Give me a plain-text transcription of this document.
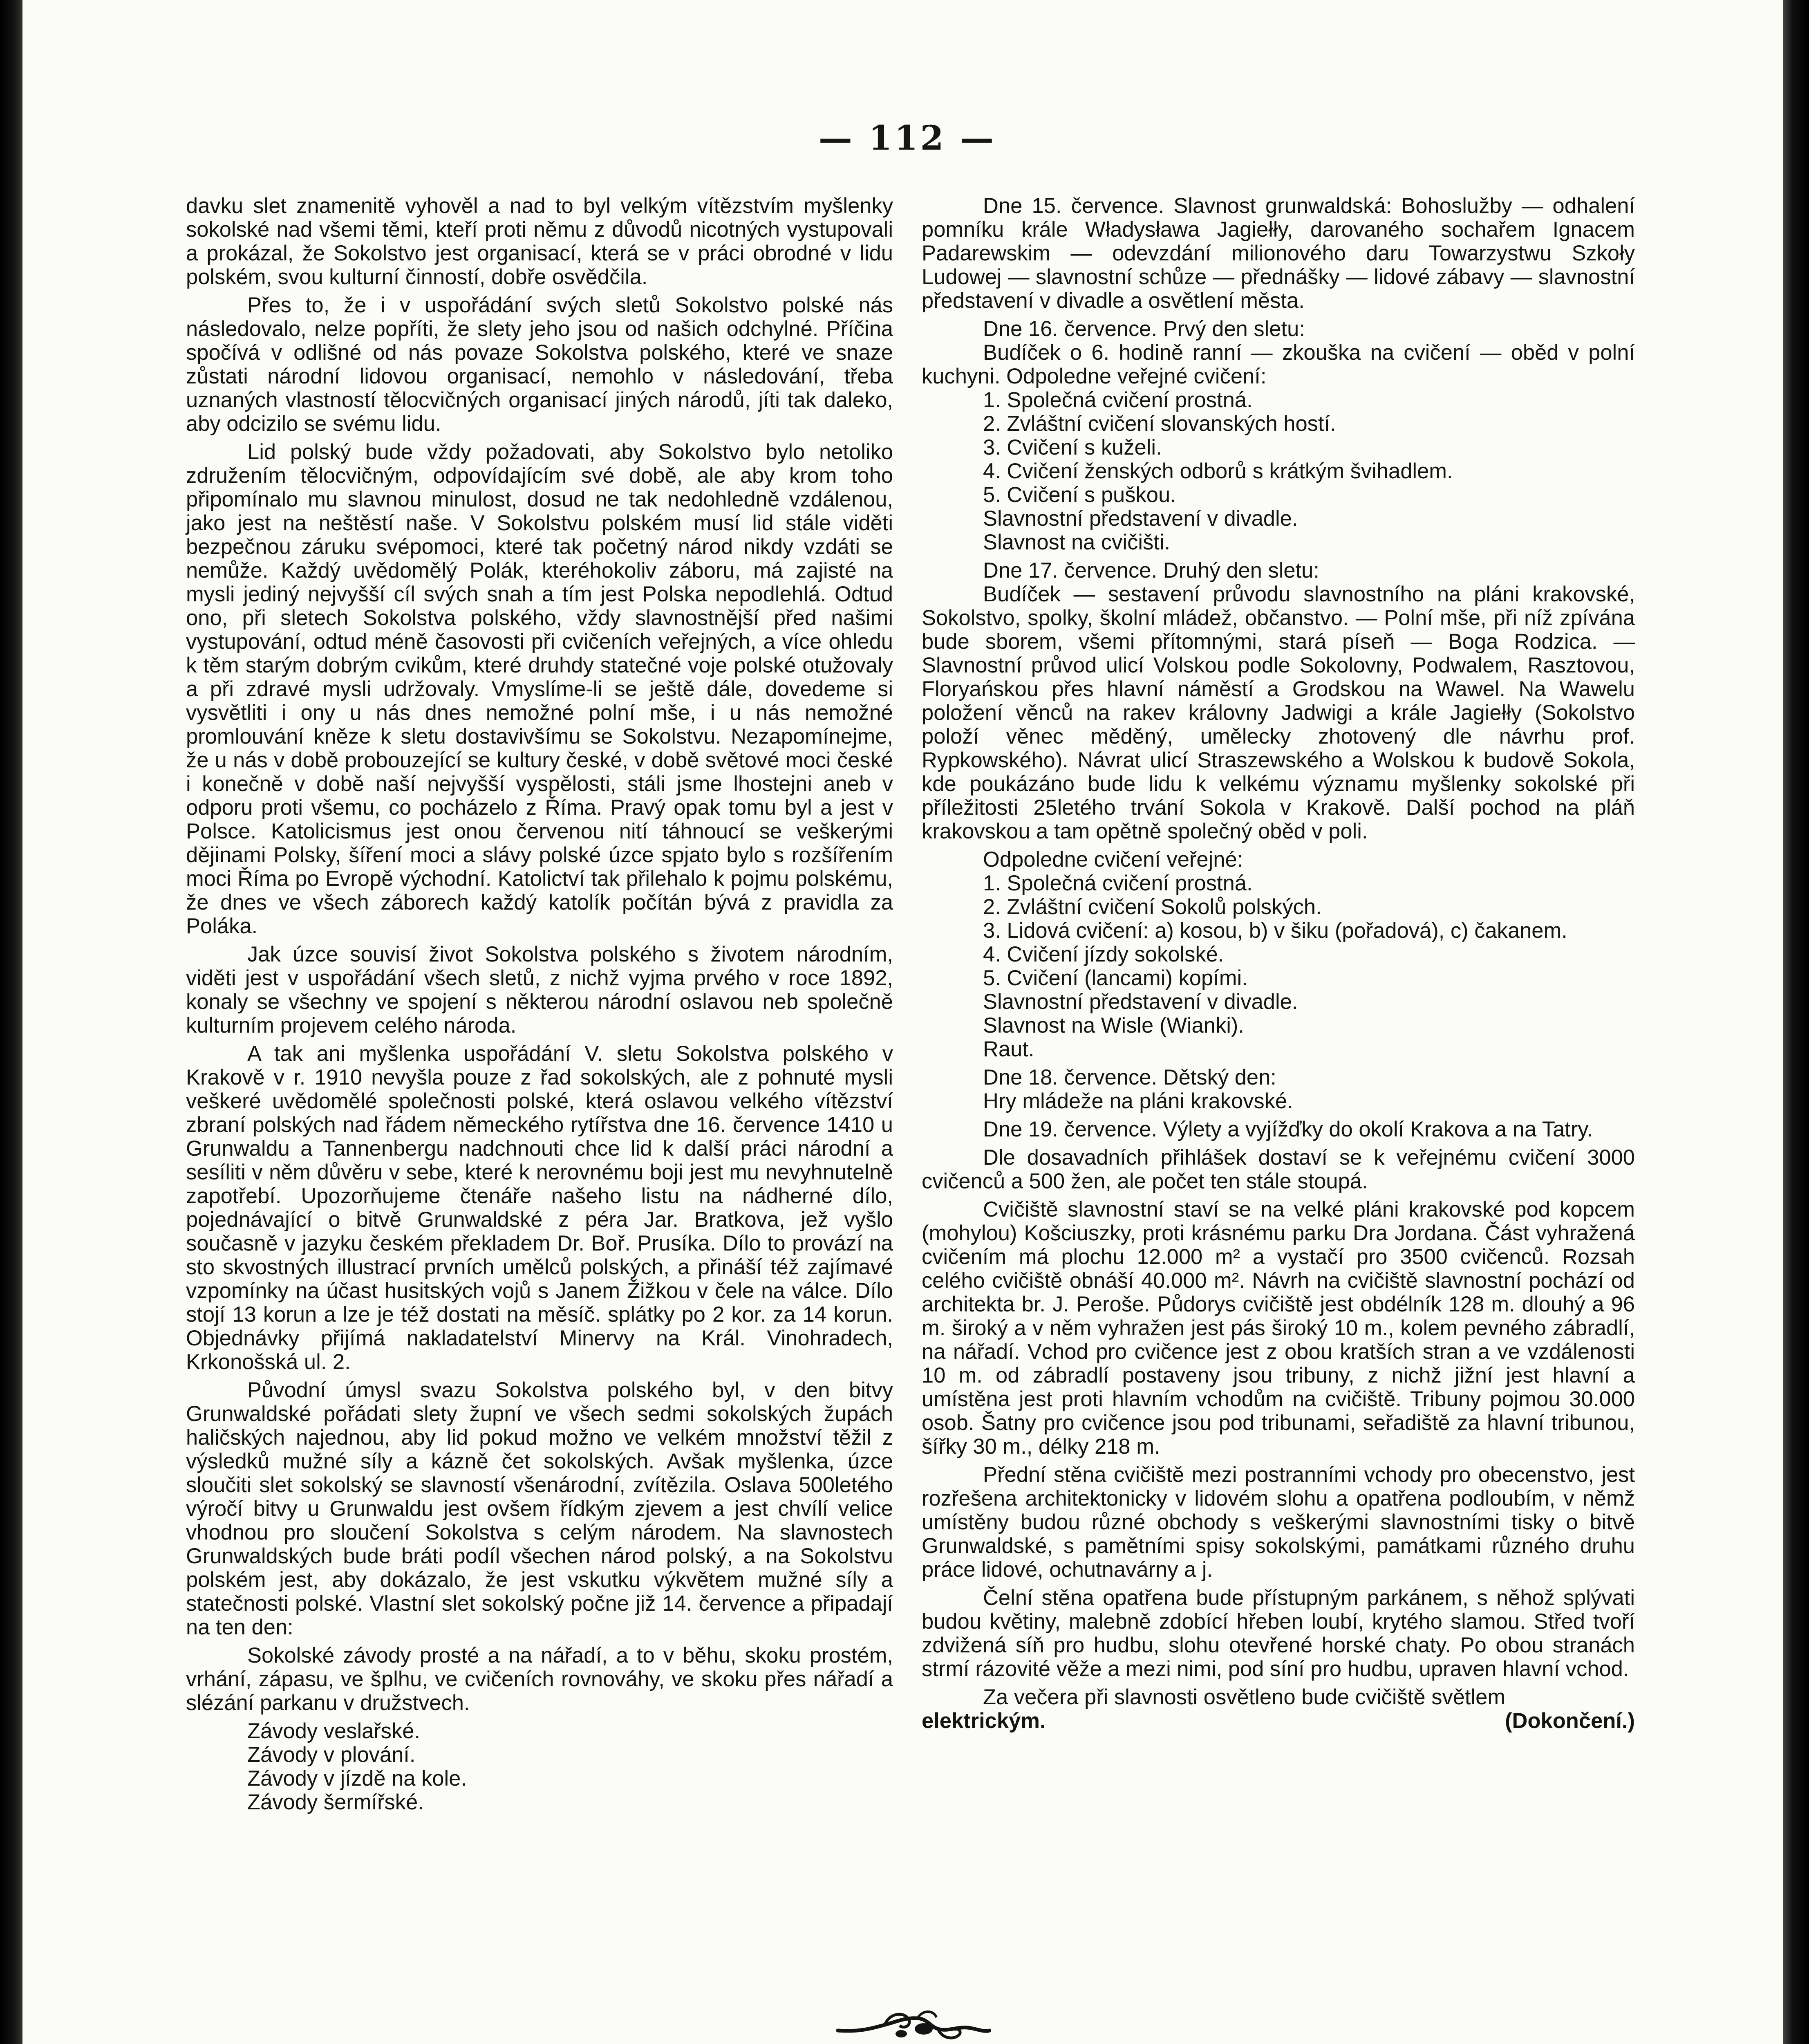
— 112 —

davku slet znamenitě vyhověl a nad to byl velkým vítězstvím myšlenky sokolské nad všemi těmi, kteří proti němu z důvodů nicotných vystupovali a prokázal, že Sokolstvo jest organisací, která se v práci obrodné v lidu polském, svou kulturní činností, dobře osvědčila.

Přes to, že i v uspořádání svých sletů Sokolstvo polské nás následovalo, nelze popříti, že slety jeho jsou od našich odchylné. Příčina spočívá v odlišné od nás povaze Sokolstva polského, které ve snaze zůstati národní lidovou organisací, nemohlo v následování, třeba uznaných vlastností tělocvičných organisací jiných národů, jíti tak daleko, aby odcizilo se svému lidu.

Lid polský bude vždy požadovati, aby Sokolstvo bylo netoliko združením tělocvičným, odpovídajícím své době, ale aby krom toho připomínalo mu slavnou minulost, dosud ne tak nedohledně vzdálenou, jako jest na neštěstí naše. V Sokolstvu polském musí lid stále viděti bezpečnou záruku svépomoci, které tak početný národ nikdy vzdáti se nemůže. Každý uvědomělý Polák, kteréhokoliv záboru, má zajisté na mysli jediný nejvyšší cíl svých snah a tím jest Polska nepodlehlá. Odtud ono, při sletech Sokolstva polského, vždy slavnostnější před našimi vystupování, odtud méně časovosti při cvičeních veřejných, a více ohledu k těm starým dobrým cvikům, které druhdy statečné voje polské otužovaly a při zdravé mysli udržovaly. Vmyslíme-li se ještě dále, dovedeme si vysvětliti i ony u nás dnes nemožné polní mše, i u nás nemožné promlouvání kněze k sletu dostavivšímu se Sokolstvu. Nezapomínejme, že u nás v době probouzející se kultury české, v době světové moci české i konečně v době naší nejvyšší vyspělosti, stáli jsme lhostejni aneb v odporu proti všemu, co pocházelo z Říma. Pravý opak tomu byl a jest v Polsce. Katolicismus jest onou červenou nití táhnoucí se veškerými dějinami Polsky, šíření moci a slávy polské úzce spjato bylo s rozšířením moci Říma po Evropě východní. Katolictví tak přilehalo k pojmu polskému, že dnes ve všech záborech každý katolík počítán bývá z pravidla za Poláka.

Jak úzce souvisí život Sokolstva polského s životem národním, viděti jest v uspořádání všech sletů, z nichž vyjma prvého v roce 1892, konaly se všechny ve spojení s některou národní oslavou neb společně kulturním projevem celého národa.

A tak ani myšlenka uspořádání V. sletu Sokolstva polského v Krakově v r. 1910 nevyšla pouze z řad sokolských, ale z pohnuté mysli veškeré uvědomělé společnosti polské, která oslavou velkého vítězství zbraní polských nad řádem německého rytířstva dne 16. července 1410 u Grunwaldu a Tannenbergu nadchnouti chce lid k další práci národní a sesíliti v něm důvěru v sebe, které k nerovnému boji jest mu nevyhnutelně zapotřebí. Upozorňujeme čtenáře našeho listu na nádherné dílo, pojednávající o bitvě Grunwaldské z péra Jar. Bratkova, jež vyšlo současně v jazyku českém překladem Dr. Boř. Prusíka. Dílo to provází na sto skvostných illustrací prvních umělců polských, a přináší též zajímavé vzpomínky na účast husitských vojů s Janem Žižkou v čele na válce. Dílo stojí 13 korun a lze je též dostati na měsíč. splátky po 2 kor. za 14 korun. Objednávky přijímá nakladatelství Minervy na Král. Vinohradech, Krkonošská ul. 2.

Původní úmysl svazu Sokolstva polského byl, v den bitvy Grunwaldské pořádati slety župní ve všech sedmi sokolských župách haličských najednou, aby lid pokud možno ve velkém množství těžil z výsledků mužné síly a kázně čet sokolských. Avšak myšlenka, úzce sloučiti slet sokolský se slavností všenárodní, zvítězila. Oslava 500letého výročí bitvy u Grunwaldu jest ovšem řídkým zjevem a jest chvílí velice vhodnou pro sloučení Sokolstva s celým národem. Na slavnostech Grunwaldských bude bráti podíl všechen národ polský, a na Sokolstvu polském jest, aby dokázalo, že jest vskutku výkvětem mužné síly a statečnosti polské. Vlastní slet sokolský počne již 14. července a připadají na ten den:

Sokolské závody prosté a na nářadí, a to v běhu, skoku prostém, vrhání, zápasu, ve šplhu, ve cvičeních rovnováhy, ve skoku přes nářadí a slézání parkanu v družstvech.

Závody veslařské.
Závody v plování.
Závody v jízdě na kole.
Závody šermířské.

Dne 15. července. Slavnost grunwaldská: Bohoslužby — odhalení pomníku krále Władysława Jagiełły, darovaného sochařem Ignacem Padarewskim — odevzdání milionového daru Towarzystwu Szkoły Ludowej — slavnostní schůze — přednášky — lidové zábavy — slavnostní představení v divadle a osvětlení města.

Dne 16. července. Prvý den sletu:

Budíček o 6. hodině ranní — zkouška na cvičení — oběd v polní kuchyni. Odpoledne veřejné cvičení:

1. Společná cvičení prostná.
2. Zvláštní cvičení slovanských hostí.
3. Cvičení s kuželi.
4. Cvičení ženských odborů s krátkým švihadlem.
5. Cvičení s puškou.
Slavnostní představení v divadle.
Slavnost na cvičišti.

Dne 17. července. Druhý den sletu:

Budíček — sestavení průvodu slavnostního na pláni krakovské, Sokolstvo, spolky, školní mládež, občanstvo. — Polní mše, při níž zpívána bude sborem, všemi přítomnými, stará píseň — Boga Rodzica. — Slavnostní průvod ulicí Volskou podle Sokolovny, Podwalem, Rasztovou, Floryańskou přes hlavní náměstí a Grodskou na Wawel. Na Wawelu položení věnců na rakev královny Jadwigi a krále Jagiełły (Sokolstvo položí věnec měděný, umělecky zhotovený dle návrhu prof. Rypkowského). Návrat ulicí Straszewského a Wolskou k budově Sokola, kde poukázáno bude lidu k velkému významu myšlenky sokolské při příležitosti 25letého trvání Sokola v Krakově. Další pochod na pláň krakovskou a tam opětně společný oběd v poli.

Odpoledne cvičení veřejné:

1. Společná cvičení prostná.
2. Zvláštní cvičení Sokolů polských.
3. Lidová cvičení: a) kosou, b) v šiku (pořadová), c) čakanem.
4. Cvičení jízdy sokolské.
5. Cvičení (lancami) kopími.
Slavnostní představení v divadle.
Slavnost na Wisle (Wianki).
Raut.

Dne 18. července. Dětský den:

Hry mládeže na pláni krakovské.

Dne 19. července. Výlety a vyjížďky do okolí Krakova a na Tatry.

Dle dosavadních přihlášek dostaví se k veřejnému cvičení 3000 cvičenců a 500 žen, ale počet ten stále stoupá.

Cvičiště slavnostní staví se na velké pláni krakovské pod kopcem (mohylou) Košciuszky, proti krásnému parku Dra Jordana. Část vyhražená cvičením má plochu 12.000 m² a vystačí pro 3500 cvičenců. Rozsah celého cvičiště obnáší 40.000 m². Návrh na cvičiště slavnostní pochází od architekta br. J. Peroše. Půdorys cvičiště jest obdélník 128 m. dlouhý a 96 m. široký a v něm vyhražen jest pás široký 10 m., kolem pevného zábradlí, na nářadí. Vchod pro cvičence jest z obou kratších stran a ve vzdálenosti 10 m. od zábradlí postaveny jsou tribuny, z nichž jižní jest hlavní a umístěna jest proti hlavním vchodům na cvičiště. Tribuny pojmou 30.000 osob. Šatny pro cvičence jsou pod tribunami, seřadiště za hlavní tribunou, šířky 30 m., délky 218 m.

Přední stěna cvičiště mezi postranními vchody pro obecenstvo, jest rozřešena architektonicky v lidovém slohu a opatřena podloubím, v němž umístěny budou různé obchody s veškerými slavnostními tisky o bitvě Grunwaldské, s pamětními spisy sokolskými, památkami různého druhu práce lidové, ochutnavárny a j.

Čelní stěna opatřena bude přístupným parkánem, s něhož splývati budou květiny, malebně zdobící hřeben loubí, krytého slamou. Střed tvoří zdvižená síň pro hudbu, slohu otevřené horské chaty. Po obou stranách strmí rázovité věže a mezi nimi, pod síní pro hudbu, upraven hlavní vchod.

Za večera při slavnosti osvětleno bude cvičiště světlem

elektrickým.	(Dokončení.)
